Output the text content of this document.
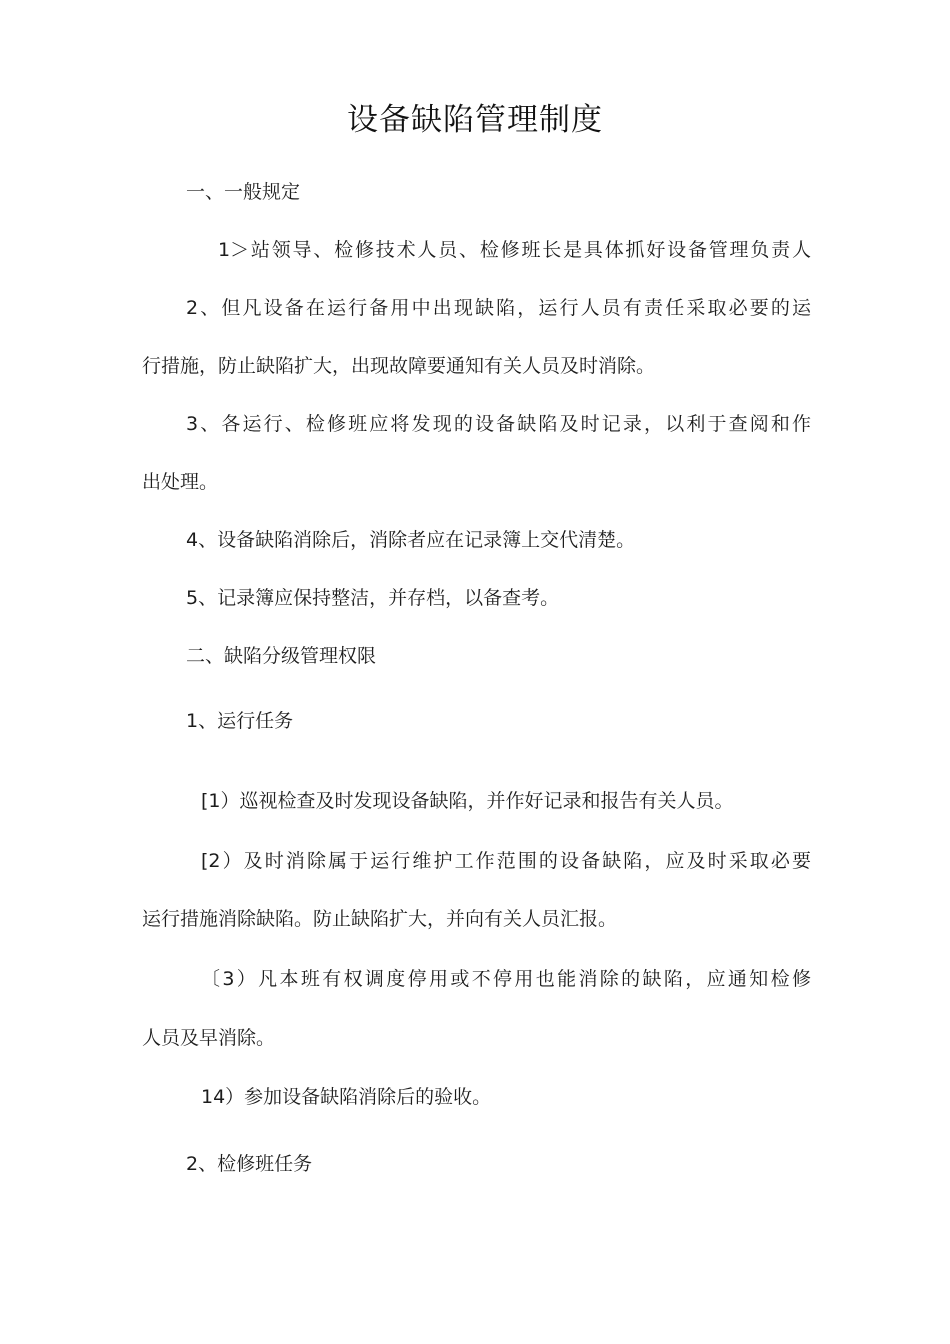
设备缺陷管理制度
一、一般规定
1＞站领导、检修技术人员、检修班长是具体抓好设备管理负责人
2、但凡设备在运行备用中出现缺陷，运行人员有责任采取必要的运
行措施，防止缺陷扩大，出现故障要通知有关人员及时消除。
3、各运行、检修班应将发现的设备缺陷及时记录，以利于查阅和作
出处理。
4、设备缺陷消除后，消除者应在记录簿上交代清楚。
5、记录簿应保持整洁，并存档，以备查考。
二、缺陷分级管理权限
1、运行任务
[1）巡视检查及时发现设备缺陷，并作好记录和报告有关人员。
[2）及时消除属于运行维护工作范围的设备缺陷，应及时采取必要
运行措施消除缺陷。防止缺陷扩大，并向有关人员汇报。
〔3）凡本班有权调度停用或不停用也能消除的缺陷，应通知检修
人员及早消除。
14）参加设备缺陷消除后的验收。
2、检修班任务
